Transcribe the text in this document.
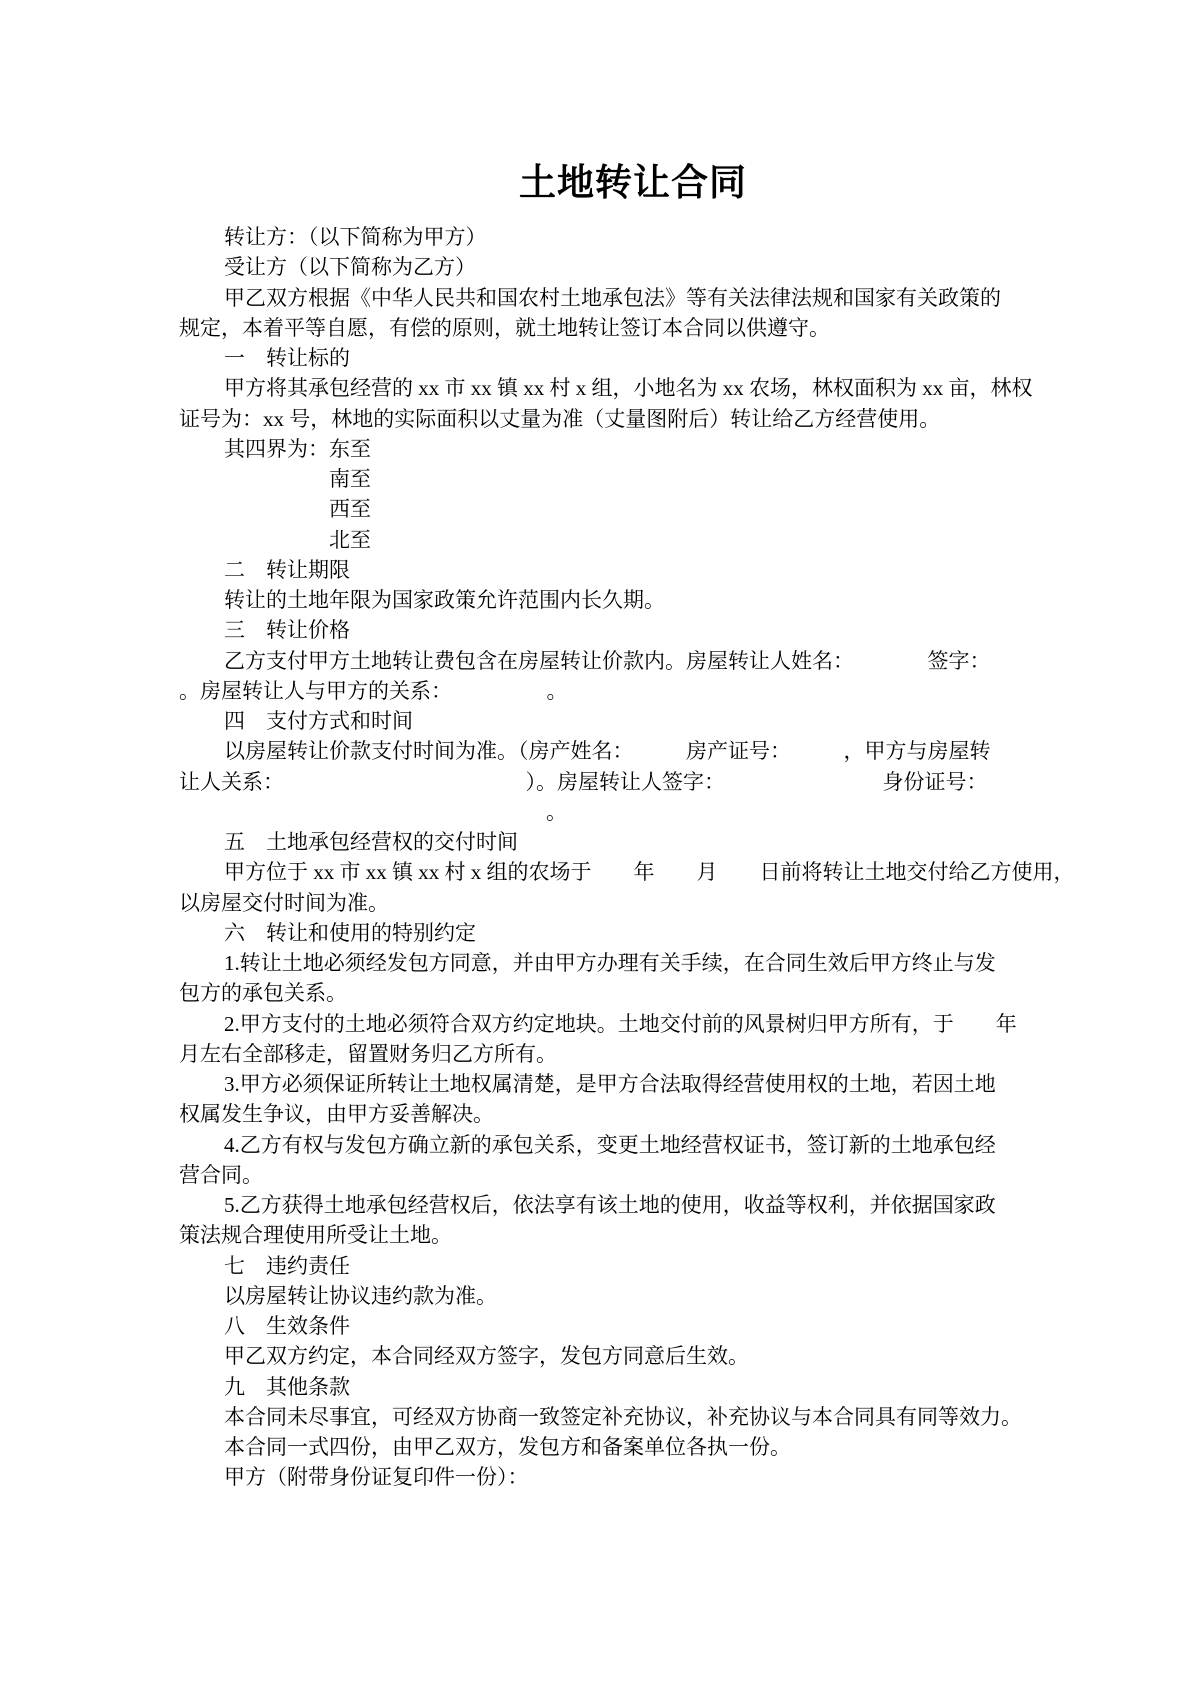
土地转让合同
转让方：（以下简称为甲方）
受让方（以下简称为乙方）
甲乙双方根据《中华人民共和国农村土地承包法》等有关法律法规和国家有关政策的
规定，本着平等自愿，有偿的原则，就土地转让签订本合同以供遵守。
一　转让标的
甲方将其承包经营的 xx 市 xx 镇 xx 村 x 组，小地名为 xx 农场，林权面积为 xx 亩，林权
证号为：xx 号，林地的实际面积以丈量为准（丈量图附后）转让给乙方经营使用。
其四界为：东至
南至
西至
北至
二　转让期限
转让的土地年限为国家政策允许范围内长久期。
三　转让价格
乙方支付甲方土地转让费包含在房屋转让价款内。房屋转让人姓名：　　　　签字：
。房屋转让人与甲方的关系：　　　　　。
四　支付方式和时间
以房屋转让价款支付时间为准。（房产姓名：　　　房产证号：　　　，甲方与房屋转
让人关系：　　　　　　　　　　　　）。房屋转让人签字：　　　　　　　　身份证号：
。
五　土地承包经营权的交付时间
甲方位于 xx 市 xx 镇 xx 村 x 组的农场于　　年　　月　　日前将转让土地交付给乙方使用，
以房屋交付时间为准。
六　转让和使用的特别约定
1.转让土地必须经发包方同意，并由甲方办理有关手续，在合同生效后甲方终止与发
包方的承包关系。
2.甲方支付的土地必须符合双方约定地块。土地交付前的风景树归甲方所有，于　　年
月左右全部移走，留置财务归乙方所有。
3.甲方必须保证所转让土地权属清楚，是甲方合法取得经营使用权的土地，若因土地
权属发生争议，由甲方妥善解决。
4.乙方有权与发包方确立新的承包关系，变更土地经营权证书，签订新的土地承包经
营合同。
5.乙方获得土地承包经营权后，依法享有该土地的使用，收益等权利，并依据国家政
策法规合理使用所受让土地。
七　违约责任
以房屋转让协议违约款为准。
八　生效条件
甲乙双方约定，本合同经双方签字，发包方同意后生效。
九　其他条款
本合同未尽事宜，可经双方协商一致签定补充协议，补充协议与本合同具有同等效力。
本合同一式四份，由甲乙双方，发包方和备案单位各执一份。
甲方（附带身份证复印件一份）：
